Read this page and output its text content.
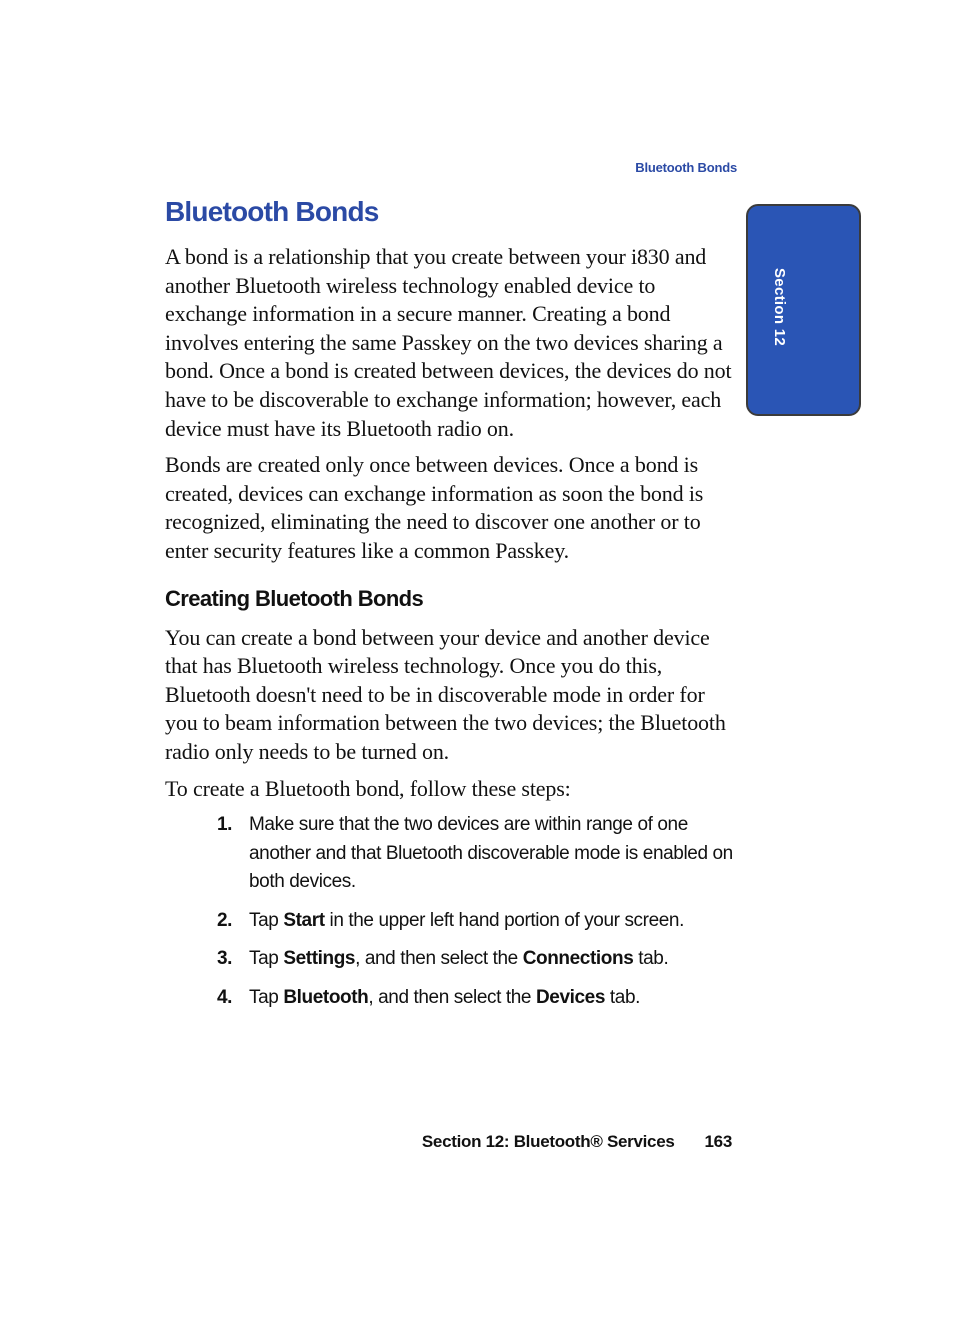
Bluetooth Bonds
Section 12
Bluetooth Bonds

A bond is a relationship that you create between your i830 and another Bluetooth wireless technology enabled device to exchange information in a secure manner. Creating a bond involves entering the same Passkey on the two devices sharing a bond. Once a bond is created between devices, the devices do not have to be discoverable to exchange information; however, each device must have its Bluetooth radio on.

Bonds are created only once between devices. Once a bond is created, devices can exchange information as soon the bond is recognized, eliminating the need to discover one another or to enter security features like a common Passkey.

Creating Bluetooth Bonds

You can create a bond between your device and another device that has Bluetooth wireless technology. Once you do this, Bluetooth doesn't need to be in discoverable mode in order for you to beam information between the two devices; the Bluetooth radio only needs to be turned on.

To create a Bluetooth bond, follow these steps:

1. Make sure that the two devices are within range of one another and that Bluetooth discoverable mode is enabled on both devices.
2. Tap Start in the upper left hand portion of your screen.
3. Tap Settings, and then select the Connections tab.
4. Tap Bluetooth, and then select the Devices tab.
Section 12: Bluetooth® Services 163
